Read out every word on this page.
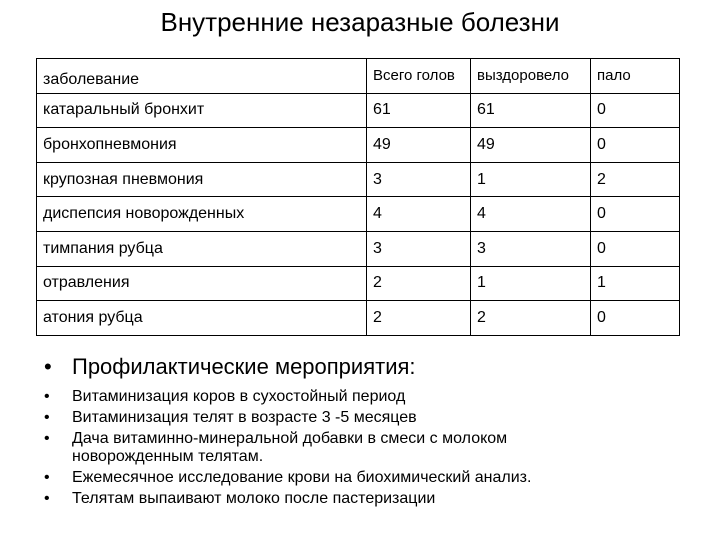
Внутренние незаразные болезни
заболевание	Всего голов	выздоровело	пало
катаральный бронхит	61	61	0
бронхопневмония	49	49	0
крупозная пневмония	3	1	2
диспепсия новорожденных	4	4	0
тимпания рубца	3	3	0
отравления	2	1	1
атония рубца	2	2	0
• Профилактические мероприятия:
•	Витаминизация коров в сухостойный период
•	Витаминизация телят в возрасте 3 -5 месяцев
•	Дача витаминно-минеральной добавки в смеси с молоком новорожденным телятам.
•	Ежемесячное исследование крови на биохимический анализ.
•	Телятам выпаивают молоко после пастеризации
